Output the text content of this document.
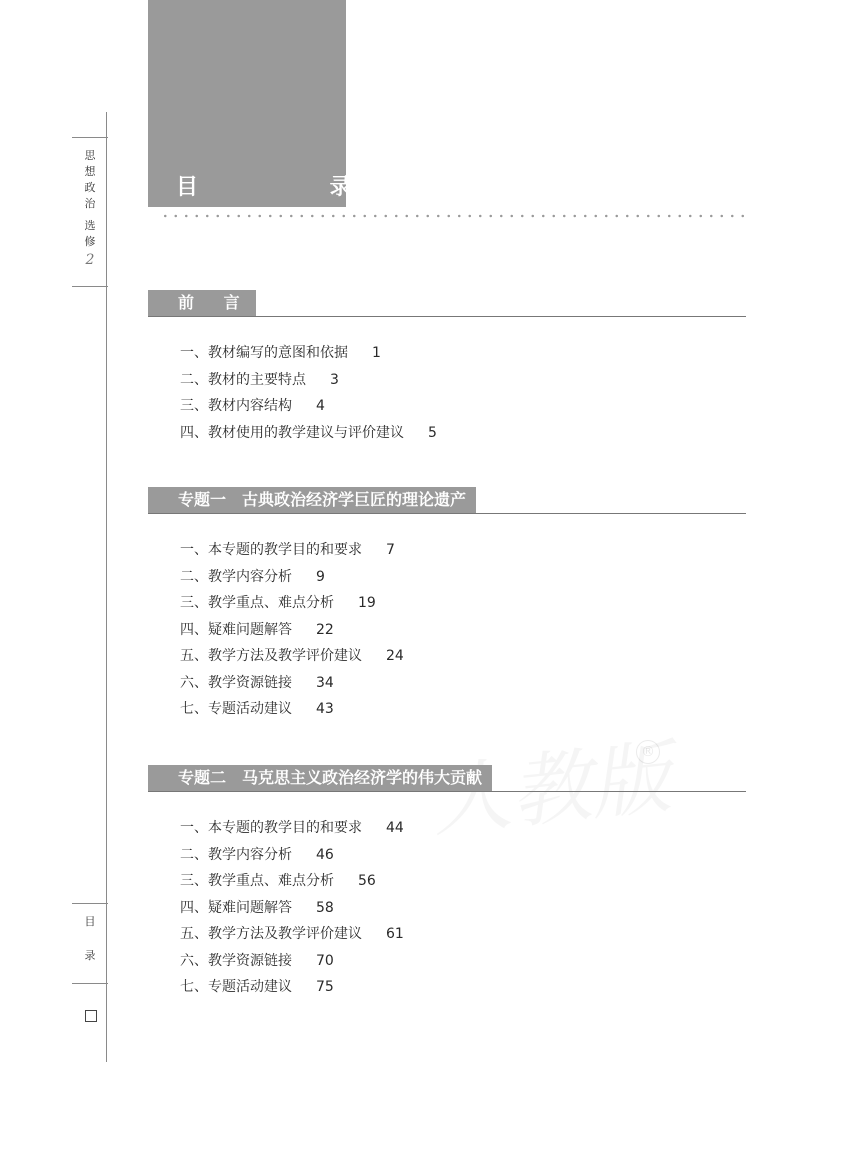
思
想
政
治
选
修
2
目
录
目 录
®
前 言
一、教材编写的意图和依据 1
二、教材的主要特点 3
三、教材内容结构 4
四、教材使用的教学建议与评价建议 5
专题一　古典政治经济学巨匠的理论遗产
一、本专题的教学目的和要求 7
二、教学内容分析 9
三、教学重点、难点分析 19
四、疑难问题解答 22
五、教学方法及教学评价建议 24
六、教学资源链接 34
七、专题活动建议 43
专题二　马克思主义政治经济学的伟大贡献
一、本专题的教学目的和要求 44
二、教学内容分析 46
三、教学重点、难点分析 56
四、疑难问题解答 58
五、教学方法及教学评价建议 61
六、教学资源链接 70
七、专题活动建议 75
